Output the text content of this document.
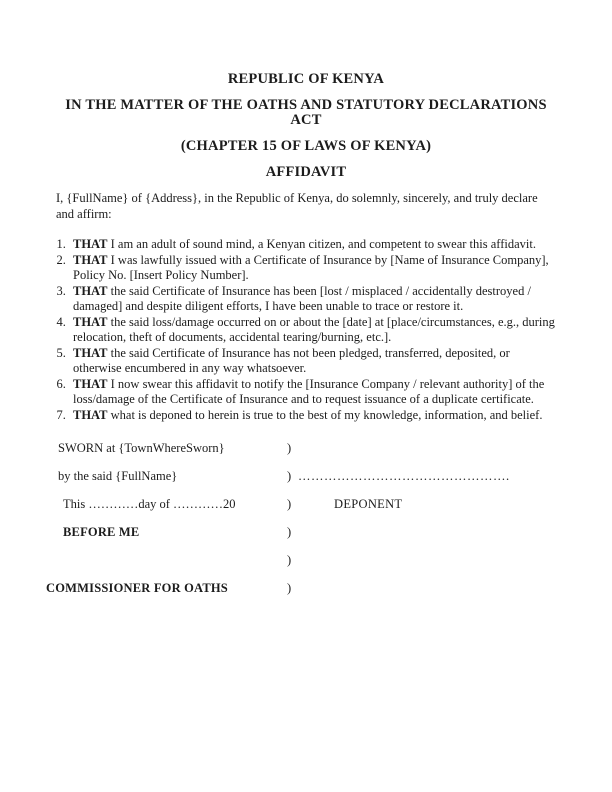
REPUBLIC OF KENYA

IN THE MATTER OF THE OATHS AND STATUTORY DECLARATIONS ACT

(CHAPTER 15 OF LAWS OF KENYA)

AFFIDAVIT

I, {FullName} of {Address}, in the Republic of Kenya, do solemnly, sincerely, and truly declare and affirm:

1. THAT I am an adult of sound mind, a Kenyan citizen, and competent to swear this affidavit.
2. THAT I was lawfully issued with a Certificate of Insurance by [Name of Insurance Company], Policy No. [Insert Policy Number].
3. THAT the said Certificate of Insurance has been [lost / misplaced / accidentally destroyed / damaged] and despite diligent efforts, I have been unable to trace or restore it.
4. THAT the said loss/damage occurred on or about the [date] at [place/circumstances, e.g., during relocation, theft of documents, accidental tearing/burning, etc.].
5. THAT the said Certificate of Insurance has not been pledged, transferred, deposited, or otherwise encumbered in any way whatsoever.
6. THAT I now swear this affidavit to notify the [Insurance Company / relevant authority] of the loss/damage of the Certificate of Insurance and to request issuance of a duplicate certificate.
7. THAT what is deponed to herein is true to the best of my knowledge, information, and belief.
SWORN at {TownWhereSworn}	)
by the said {FullName}	) ………………………………………….
This …………day of …………20	)	DEPONENT
BEFORE ME	)
)
COMMISSIONER FOR OATHS	)
